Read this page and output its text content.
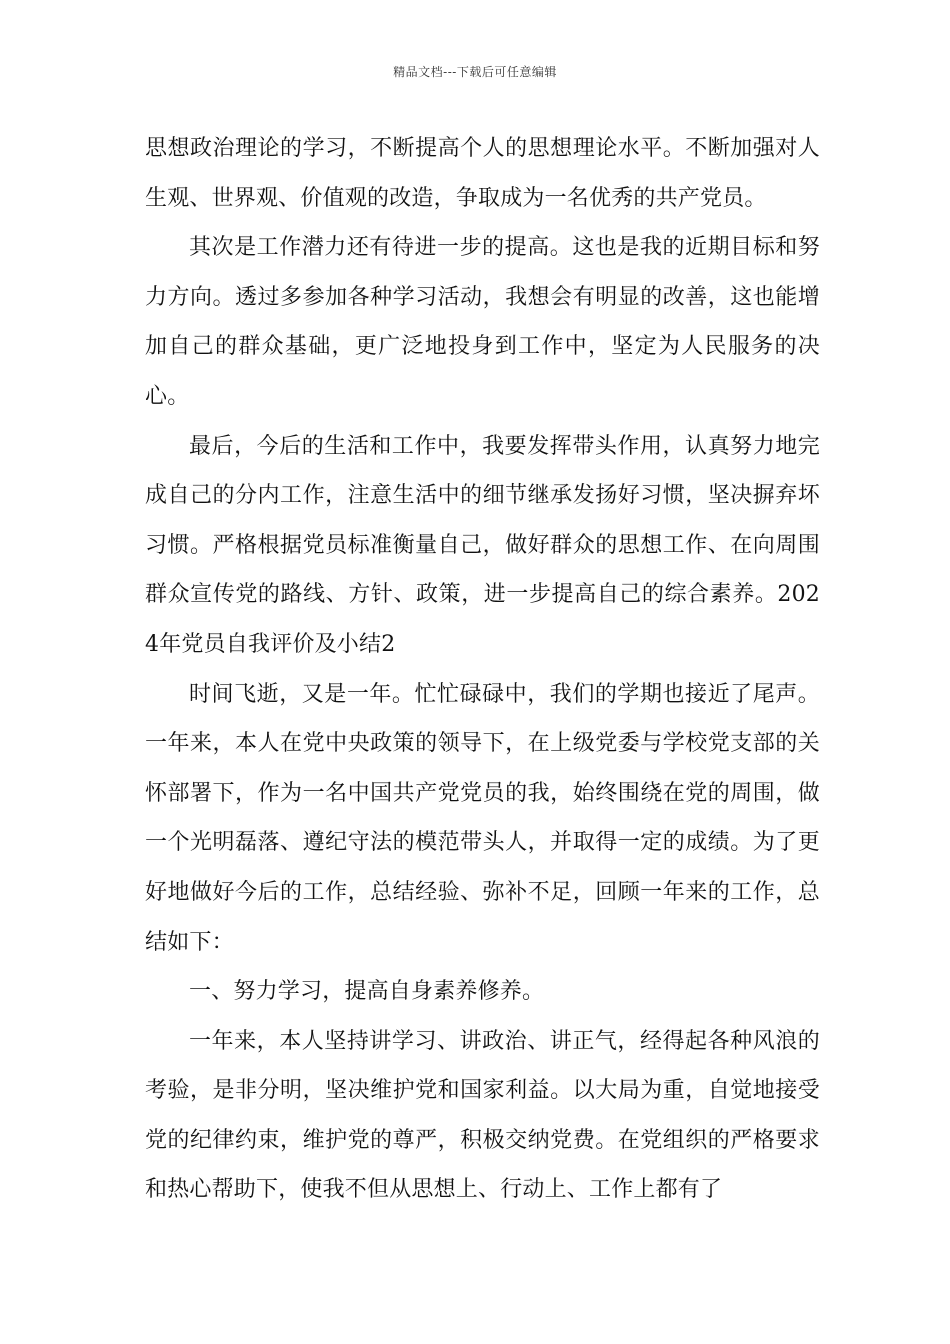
精品文档---下载后可任意编辑

思想政治理论的学习，不断提高个人的思想理论水平。不断加强对人生观、世界观、价值观的改造，争取成为一名优秀的共产党员。

其次是工作潜力还有待进一步的提高。这也是我的近期目标和努力方向。透过多参加各种学习活动，我想会有明显的改善，这也能增加自己的群众基础，更广泛地投身到工作中，坚定为人民服务的决心。

最后，今后的生活和工作中，我要发挥带头作用，认真努力地完成自己的分内工作，注意生活中的细节继承发扬好习惯，坚决摒弃坏习惯。严格根据党员标准衡量自己，做好群众的思想工作、在向周围群众宣传党的路线、方针、政策，进一步提高自己的综合素养。2024年党员自我评价及小结2

时间飞逝，又是一年。忙忙碌碌中，我们的学期也接近了尾声。一年来，本人在党中央政策的领导下，在上级党委与学校党支部的关怀部署下，作为一名中国共产党党员的我，始终围绕在党的周围，做一个光明磊落、遵纪守法的模范带头人，并取得一定的成绩。为了更好地做好今后的工作，总结经验、弥补不足，回顾一年来的工作，总结如下：

一、努力学习，提高自身素养修养。

一年来，本人坚持讲学习、讲政治、讲正气，经得起各种风浪的考验，是非分明，坚决维护党和国家利益。以大局为重，自觉地接受党的纪律约束，维护党的尊严，积极交纳党费。在党组织的严格要求和热心帮助下，使我不但从思想上、行动上、工作上都有了
